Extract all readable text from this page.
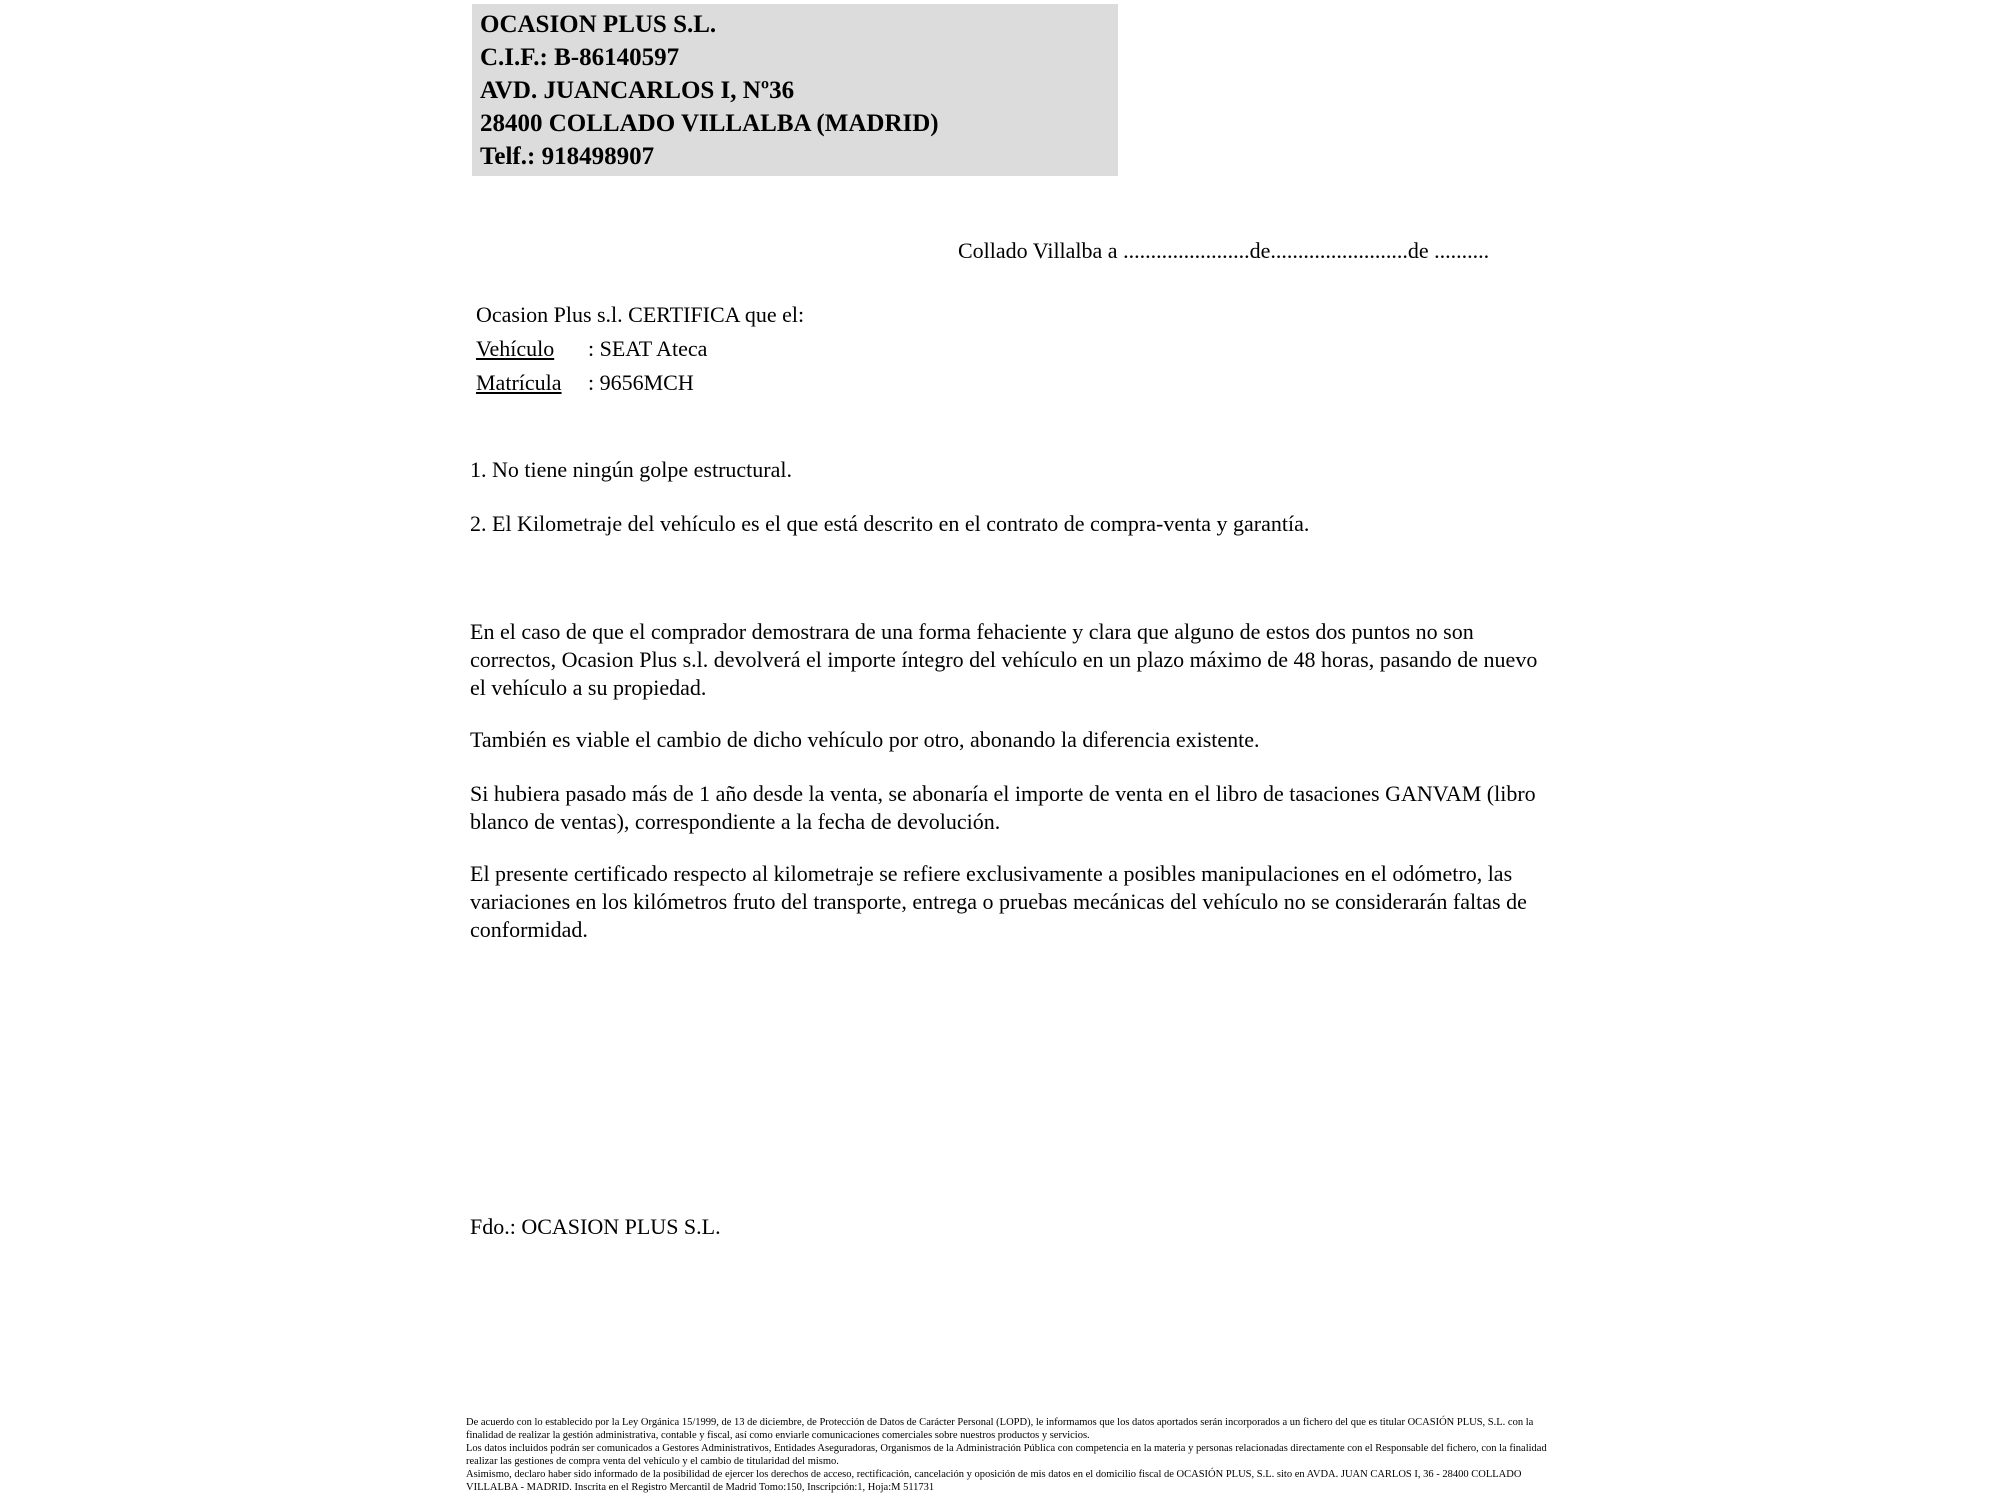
OCASION PLUS S.L.
C.I.F.: B-86140597
AVD. JUANCARLOS I, Nº36
28400 COLLADO VILLALBA (MADRID)
Telf.: 918498907
Collado Villalba a .......................de.........................de ..........
Ocasion Plus s.l. CERTIFICA que el:
Vehículo : SEAT Ateca
Matrícula : 9656MCH
1. No tiene ningún golpe estructural.
2. El Kilometraje del vehículo es el que está descrito en el contrato de compra-venta y garantía.
En el caso de que el comprador demostrara de una forma fehaciente y clara que alguno de estos dos puntos no son correctos, Ocasion Plus s.l. devolverá el importe íntegro del vehículo en un plazo máximo de 48 horas, pasando de nuevo el vehículo a su propiedad.
También es viable el cambio de dicho vehículo por otro, abonando la diferencia existente.
Si hubiera pasado más de 1 año desde la venta, se abonaría el importe de venta en el libro de tasaciones GANVAM (libro blanco de ventas), correspondiente a la fecha de devolución.
El presente certificado respecto al kilometraje se refiere exclusivamente a posibles manipulaciones en el odómetro, las variaciones en los kilómetros fruto del transporte, entrega o pruebas mecánicas del vehículo no se considerarán faltas de conformidad.
Fdo.: OCASION PLUS S.L.

De acuerdo con lo establecido por la Ley Orgánica 15/1999, de 13 de diciembre, de Protección de Datos de Carácter Personal (LOPD), le informamos que los datos aportados serán incorporados a un fichero del que es titular OCASIÓN PLUS, S.L. con la finalidad de realizar la gestión administrativa, contable y fiscal, así como enviarle comunicaciones comerciales sobre nuestros productos y servicios.

Los datos incluidos podrán ser comunicados a Gestores Administrativos, Entidades Aseguradoras, Organismos de la Administración Pública con competencia en la materia y personas relacionadas directamente con el Responsable del fichero, con la finalidad realizar las gestiones de compra venta del vehículo y el cambio de titularidad del mismo.

Asimismo, declaro haber sido informado de la posibilidad de ejercer los derechos de acceso, rectificación, cancelación y oposición de mis datos en el domicilio fiscal de OCASIÓN PLUS, S.L. sito en AVDA. JUAN CARLOS I, 36 - 28400 COLLADO VILLALBA - MADRID. Inscrita en el Registro Mercantil de Madrid Tomo:150, Inscripción:1, Hoja:M 511731
